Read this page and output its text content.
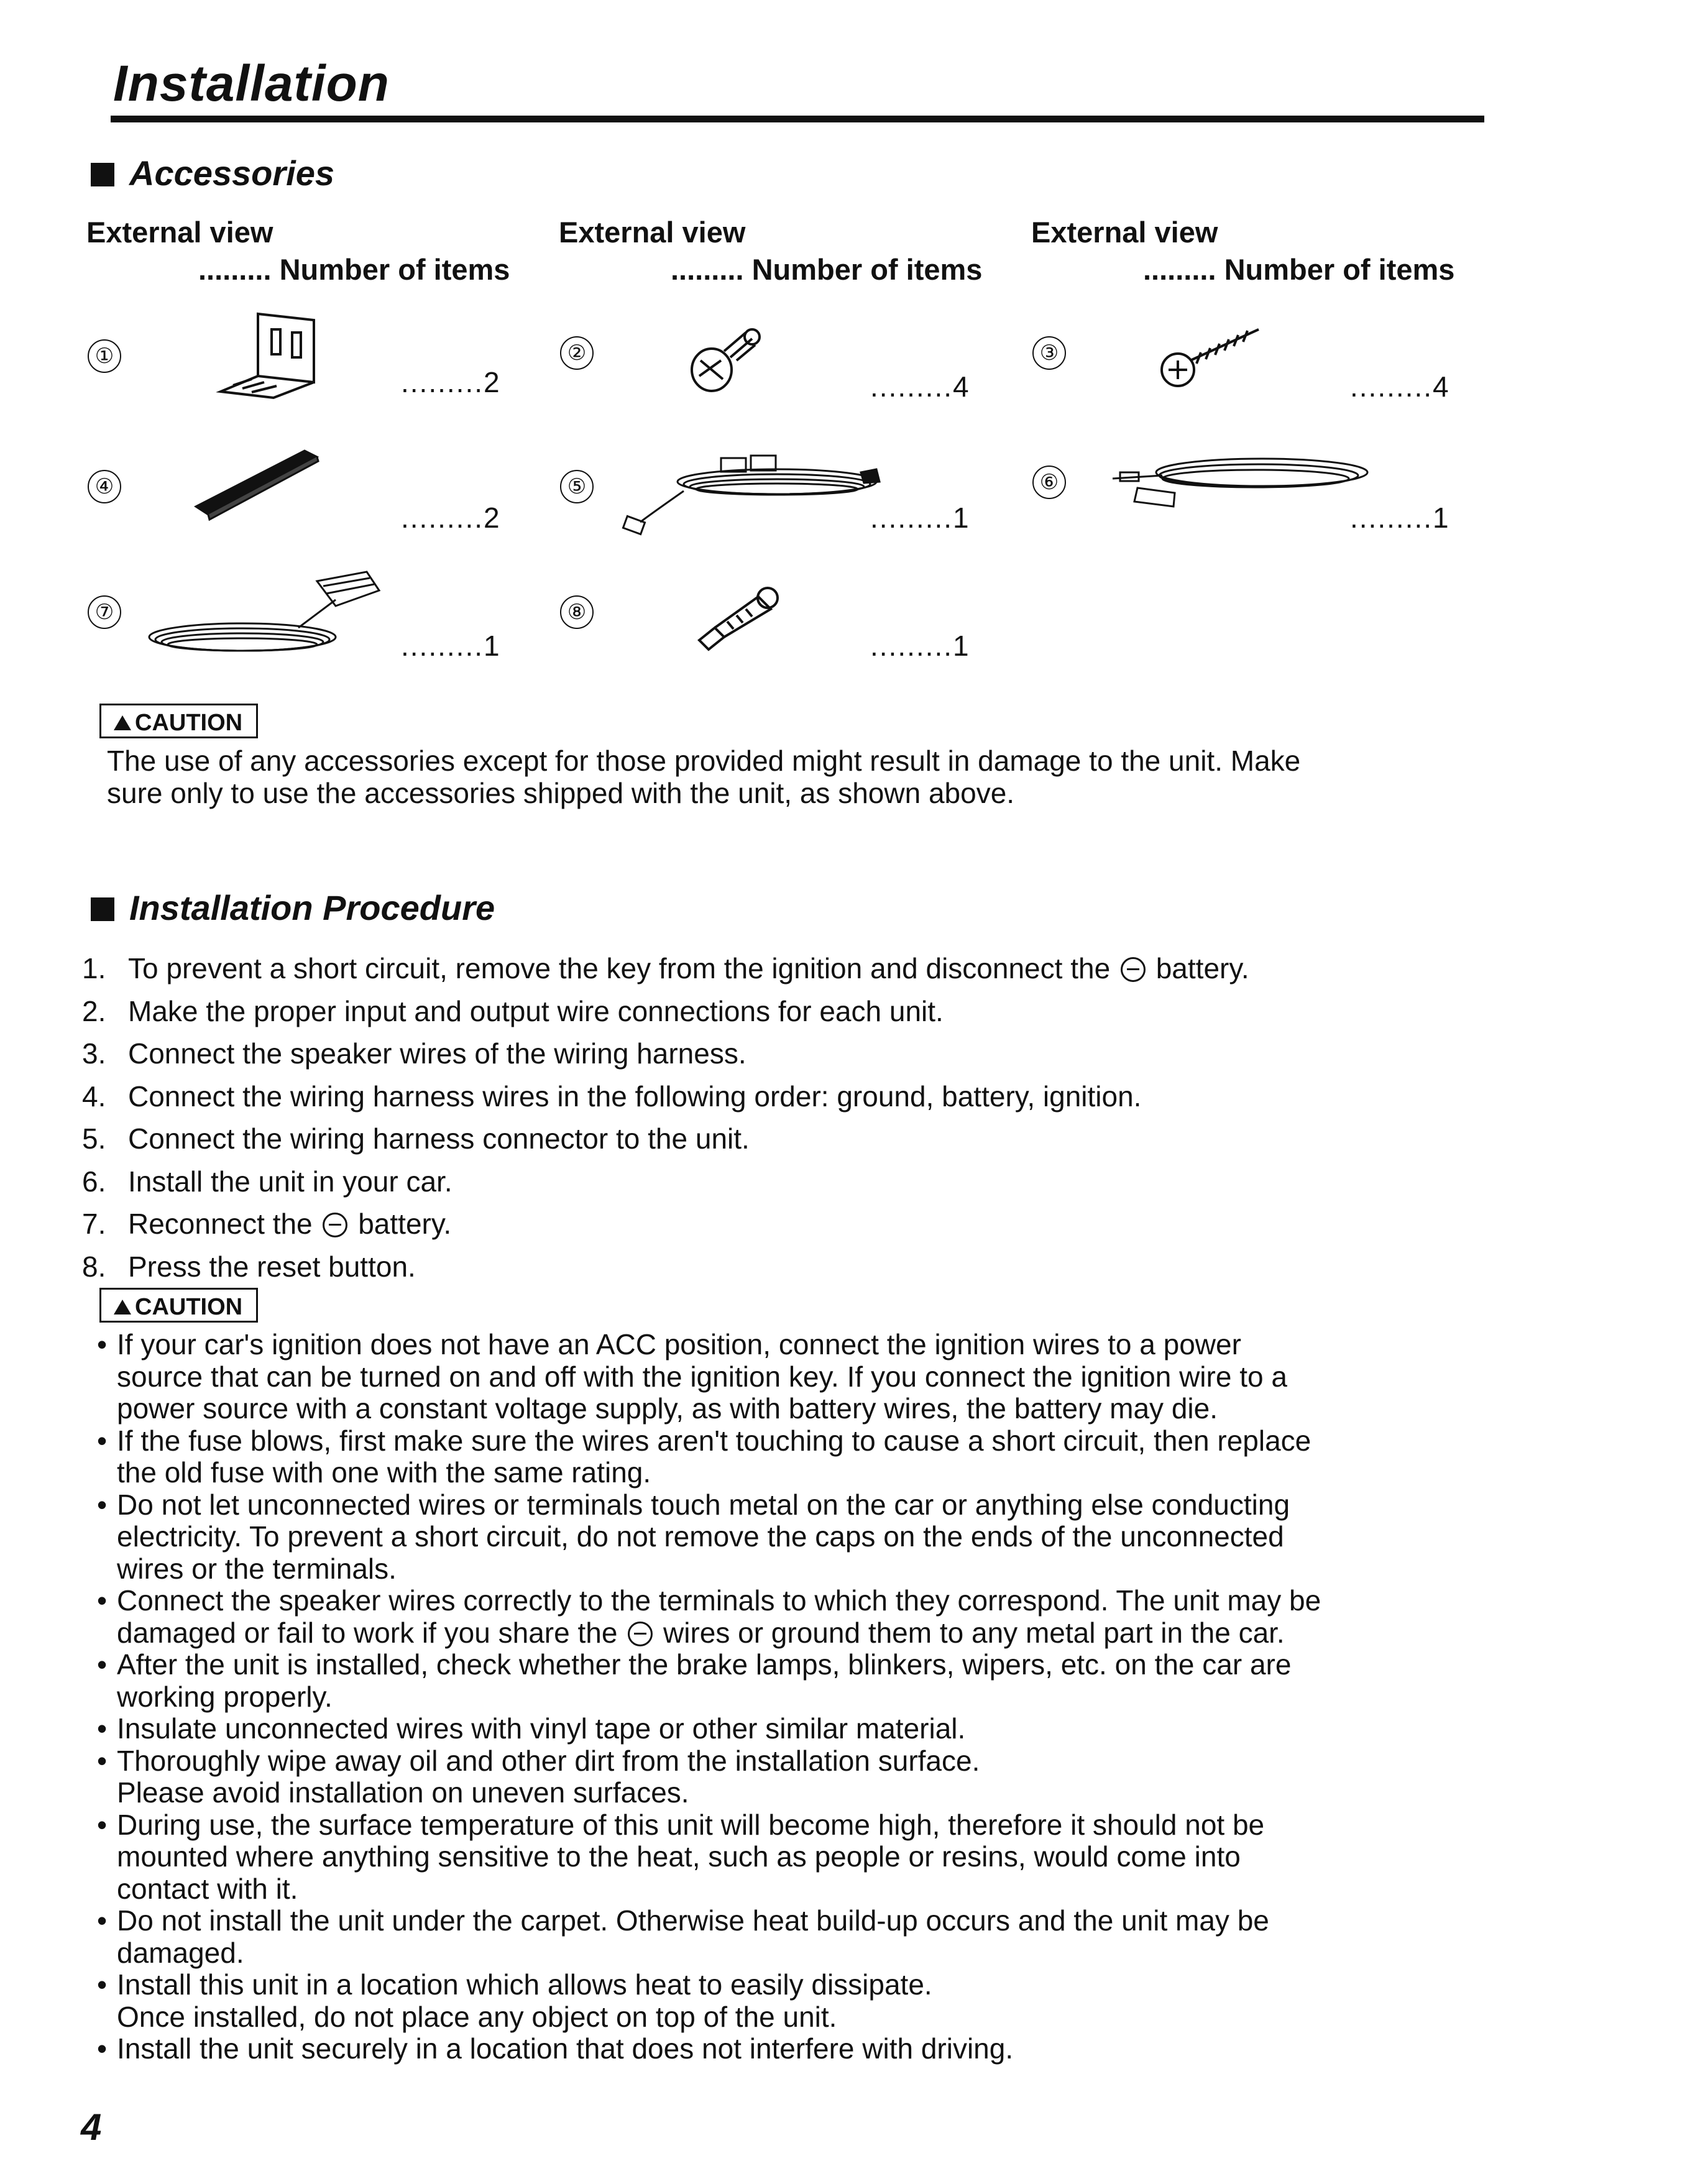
Installation
Accessories
External view
......... Number of items
External view
......... Number of items
External view
......... Number of items
①
.........2
②
.........4
③
.........4
④
.........2
⑤
.........1
⑥
.........1
⑦
.........1
⑧
.........1
CAUTION
The use of any accessories except for those provided might result in damage to the unit. Make
sure only to use the accessories shipped with the unit, as shown above.
Installation Procedure
1. To prevent a short circuit, remove the key from the ignition and disconnect the battery.
2. Make the proper input and output wire connections for each unit.
3. Connect the speaker wires of the wiring harness.
4. Connect the wiring harness wires in the following order: ground, battery, ignition.
5. Connect the wiring harness connector to the unit.
6. Install the unit in your car.
7. Reconnect the battery.
8. Press the reset button.
CAUTION
• If your car's ignition does not have an ACC position, connect the ignition wires to a power
source that can be turned on and off with the ignition key. If you connect the ignition wire to a
power source with a constant voltage supply, as with battery wires, the battery may die.
• If the fuse blows, first make sure the wires aren't touching to cause a short circuit, then replace
the old fuse with one with the same rating.
• Do not let unconnected wires or terminals touch metal on the car or anything else conducting
electricity. To prevent a short circuit, do not remove the caps on the ends of the unconnected
wires or the terminals.
• Connect the speaker wires correctly to the terminals to which they correspond. The unit may be
damaged or fail to work if you share the wires or ground them to any metal part in the car.
• After the unit is installed, check whether the brake lamps, blinkers, wipers, etc. on the car are
working properly.
• Insulate unconnected wires with vinyl tape or other similar material.
• Thoroughly wipe away oil and other dirt from the installation surface.
Please avoid installation on uneven surfaces.
• During use, the surface temperature of this unit will become high, therefore it should not be
mounted where anything sensitive to the heat, such as people or resins, would come into
contact with it.
• Do not install the unit under the carpet. Otherwise heat build-up occurs and the unit may be
damaged.
• Install this unit in a location which allows heat to easily dissipate.
Once installed, do not place any object on top of the unit.
• Install the unit securely in a location that does not interfere with driving.
4
